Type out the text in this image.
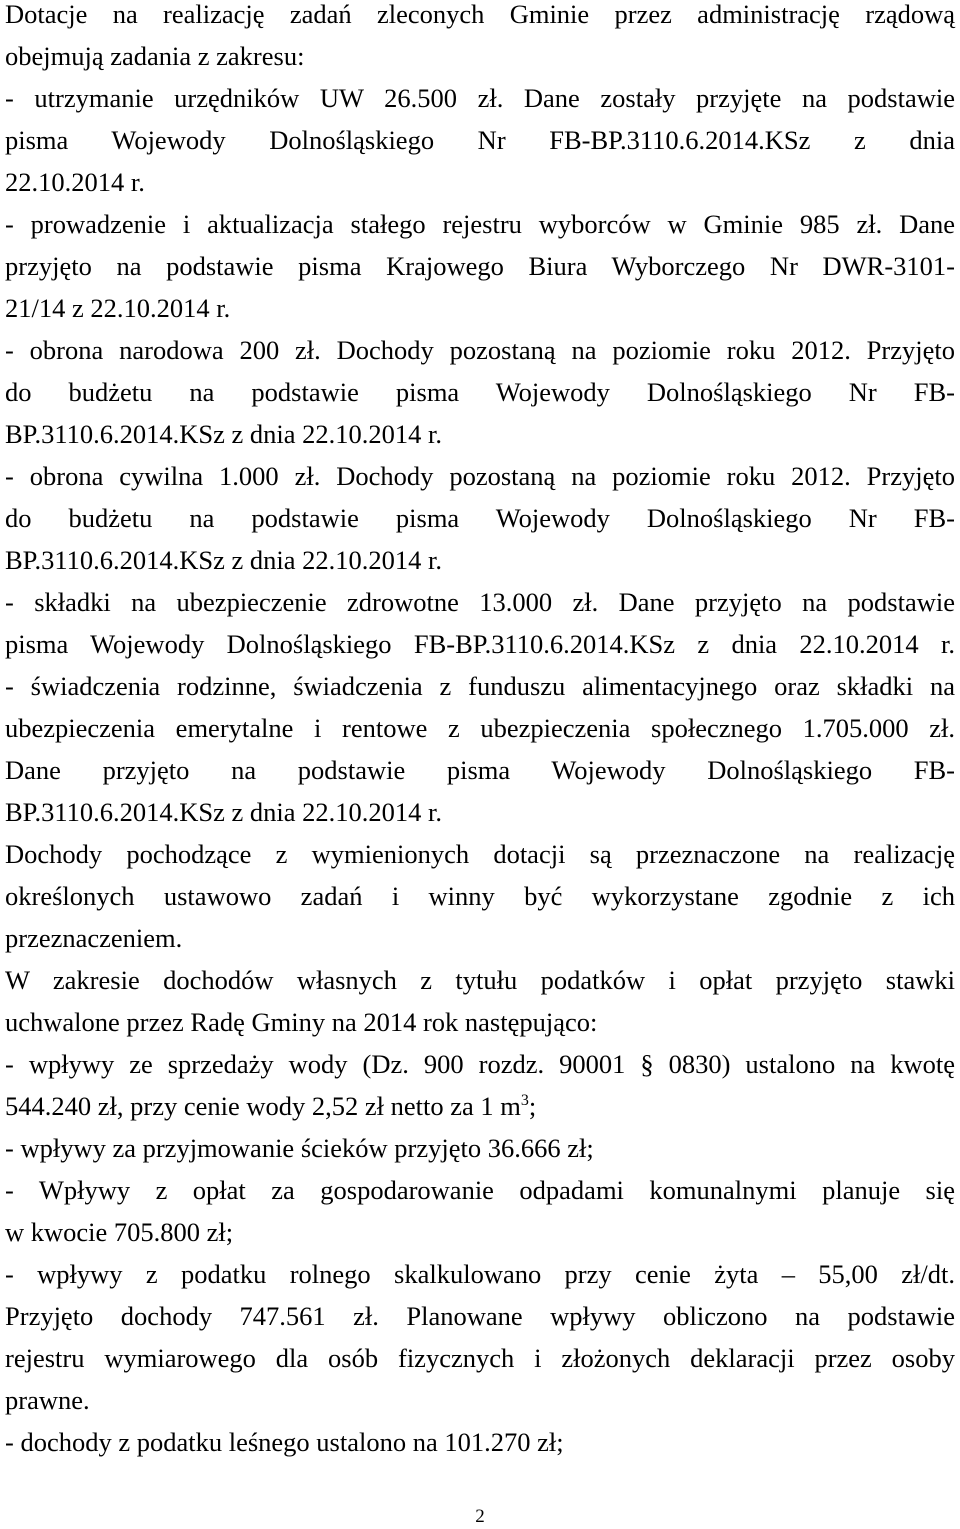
Dotacje na realizację zadań zleconych Gminie przez administrację rządową
obejmują zadania z zakresu:
- utrzymanie urzędników UW 26.500 zł. Dane zostały przyjęte na podstawie
pisma Wojewody Dolnośląskiego Nr FB-BP.3110.6.2014.KSz z dnia
22.10.2014 r.
- prowadzenie i aktualizacja stałego rejestru wyborców w Gminie 985 zł. Dane
przyjęto na podstawie pisma Krajowego Biura Wyborczego Nr DWR-3101-
21/14 z 22.10.2014 r.
- obrona narodowa 200 zł. Dochody pozostaną na poziomie roku 2012. Przyjęto
do budżetu na podstawie pisma Wojewody Dolnośląskiego Nr FB-
BP.3110.6.2014.KSz z dnia 22.10.2014 r.
- obrona cywilna 1.000 zł. Dochody pozostaną na poziomie roku 2012. Przyjęto
do budżetu na podstawie pisma Wojewody Dolnośląskiego Nr FB-
BP.3110.6.2014.KSz z dnia 22.10.2014 r.
- składki na ubezpieczenie zdrowotne 13.000 zł. Dane przyjęto na podstawie
pisma Wojewody Dolnośląskiego FB-BP.3110.6.2014.KSz z dnia 22.10.2014 r.
- świadczenia rodzinne, świadczenia z funduszu alimentacyjnego oraz składki na
ubezpieczenia emerytalne i rentowe z ubezpieczenia społecznego 1.705.000 zł.
Dane przyjęto na podstawie pisma Wojewody Dolnośląskiego FB-
BP.3110.6.2014.KSz z dnia 22.10.2014 r.
Dochody pochodzące z wymienionych dotacji są przeznaczone na realizację
określonych ustawowo zadań i winny być wykorzystane zgodnie z ich
przeznaczeniem.
W zakresie dochodów własnych z tytułu podatków i opłat przyjęto stawki
uchwalone przez Radę Gminy na 2014 rok następująco:
- wpływy ze sprzedaży wody (Dz. 900 rozdz. 90001 § 0830) ustalono na kwotę
544.240 zł, przy cenie wody 2,52 zł netto za 1 $m^3$;
- wpływy za przyjmowanie ścieków przyjęto 36.666 zł;
- Wpływy z opłat za gospodarowanie odpadami komunalnymi planuje się
w kwocie 705.800 zł;
- wpływy z podatku rolnego skalkulowano przy cenie żyta – 55,00 zł/dt.
Przyjęto dochody 747.561 zł. Planowane wpływy obliczono na podstawie
rejestru wymiarowego dla osób fizycznych i złożonych deklaracji przez osoby
prawne.
- dochody z podatku leśnego ustalono na 101.270 zł;
2
